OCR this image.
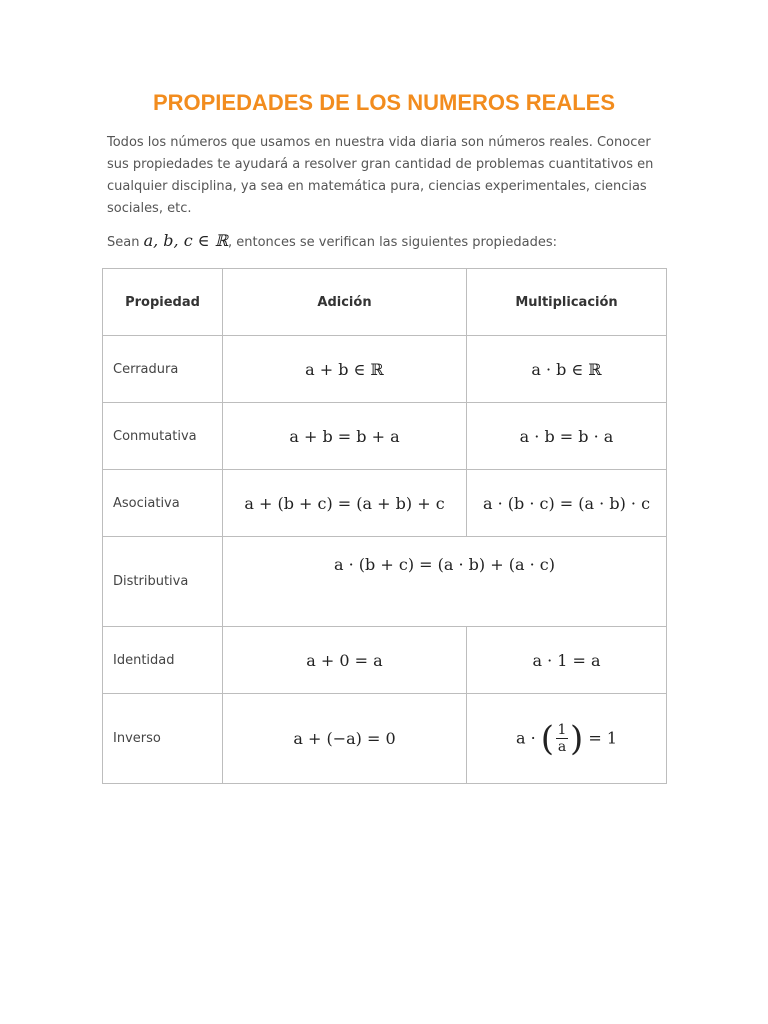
PROPIEDADES DE LOS NUMEROS REALES

Todos los números que usamos en nuestra vida diaria son números reales. Conocer sus propiedades te ayudará a resolver gran cantidad de problemas cuantitativos en cualquier disciplina, ya sea en matemática pura, ciencias experimentales, ciencias sociales, etc.

Sean a, b, c ∈ ℝ, entonces se verifican las siguientes propiedades:

Propiedad	Adición	Multiplicación
Cerradura	a + b ∈ ℝ	a · b ∈ ℝ
Conmutativa	a + b = b + a	a · b = b · a
Asociativa	a + (b + c) = (a + b) + c	a · (b · c) = (a · b) · c
Distributiva	a · (b + c) = (a · b) + (a · c)	
Identidad	a + 0 = a	a · 1 = a
Inverso	a + (−a) = 0	a · ( $\frac{1}{a}$ ) = 1
